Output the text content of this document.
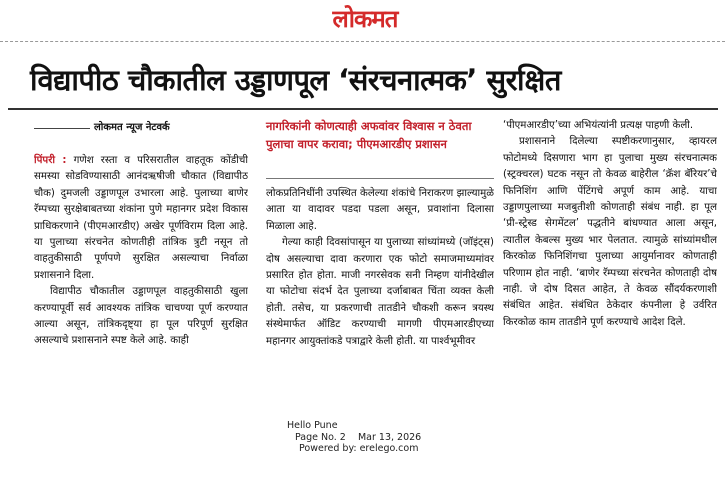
लोकमत
विद्यापीठ चौकातील उड्डाणपूल ‘संरचनात्मक’ सुरक्षित
लोकमत न्यूज नेटवर्क

पिंपरी : गणेश रस्ता व परिसरातील वाहतूक कोंडीची समस्या सोडविण्यासाठी आनंदऋषीजी चौकात (विद्यापीठ चौक) दुमजली उड्डाणपूल उभारला आहे. पुलाच्या बाणेर रॅम्पच्या सुरक्षेबाबतच्या शंकांना पुणे महानगर प्रदेश विकास प्राधिकरणाने (पीएमआरडीए) अखेर पूर्णविराम दिला आहे. या पुलाच्या संरचनेत कोणतीही तांत्रिक त्रुटी नसून तो वाहतुकीसाठी पूर्णपणे सुरक्षित असल्याचा निर्वाळा प्रशासनाने दिला.

विद्यापीठ चौकातील उड्डाणपूल वाहतुकीसाठी खुला करण्यापूर्वी सर्व आवश्यक तांत्रिक चाचण्या पूर्ण करण्यात आल्या असून, तांत्रिकदृष्ट्या हा पूल परिपूर्ण सुरक्षित असल्याचे प्रशासनाने स्पष्ट केले आहे. काही

नागरिकांनी कोणत्याही अफवांवर विश्वास न ठेवता पुलाचा वापर करावा; पीएमआरडीए प्रशासन

लोकप्रतिनिधींनी उपस्थित केलेल्या शंकांचे निराकरण झाल्यामुळे आता या वादावर पडदा पडला असून, प्रवाशांना दिलासा मिळाला आहे.

गेल्या काही दिवसांपासून या पुलाच्या सांध्यांमध्ये (जॉइंट्स) दोष असल्याचा दावा करणारा एक फोटो समाजमाध्यमांवर प्रसारित होत होता. माजी नगरसेवक सनी निम्हण यांनीदेखील या फोटोचा संदर्भ देत पुलाच्या दर्जाबाबत चिंता व्यक्त केली होती. तसेच, या प्रकरणाची तातडीने चौकशी करून त्रयस्थ संस्थेमार्फत ऑडिट करण्याची मागणी पीएमआरडीएच्या महानगर आयुक्तांकडे पत्राद्वारे केली होती. या पार्श्वभूमीवर

‘पीएमआरडीए’च्या अभियंत्यांनी प्रत्यक्ष पाहणी केली.

प्रशासनाने दिलेल्या स्पष्टीकरणानुसार, व्हायरल फोटोमध्ये दिसणारा भाग हा पुलाचा मुख्य संरचनात्मक (स्ट्रक्चरल) घटक नसून तो केवळ बाहेरील ‘क्रॅश बॅरियर’चे फिनिशिंग आणि पेंटिंगचे अपूर्ण काम आहे. याचा उड्डाणपुलाच्या मजबुतीशी कोणताही संबंध नाही. हा पूल ‘प्री-स्ट्रेस्ड सेगमेंटल’ पद्धतीने बांधण्यात आला असून, त्यातील केबल्स मुख्य भार पेलतात. त्यामुळे सांध्यांमधील किरकोळ फिनिशिंगचा पुलाच्या आयुर्मानावर कोणताही परिणाम होत नाही. ‘बाणेर रॅम्पच्या संरचनेत कोणताही दोष नाही. जे दोष दिसत आहेत, ते केवळ सौंदर्यकरणाशी संबंधित आहेत. संबंधित ठेकेदार कंपनीला हे उर्वरित किरकोळ काम तातडीने पूर्ण करण्याचे आदेश दिले.

Hello Pune
Page No. 2 Mar 13, 2026
Powered by: erelego.com
